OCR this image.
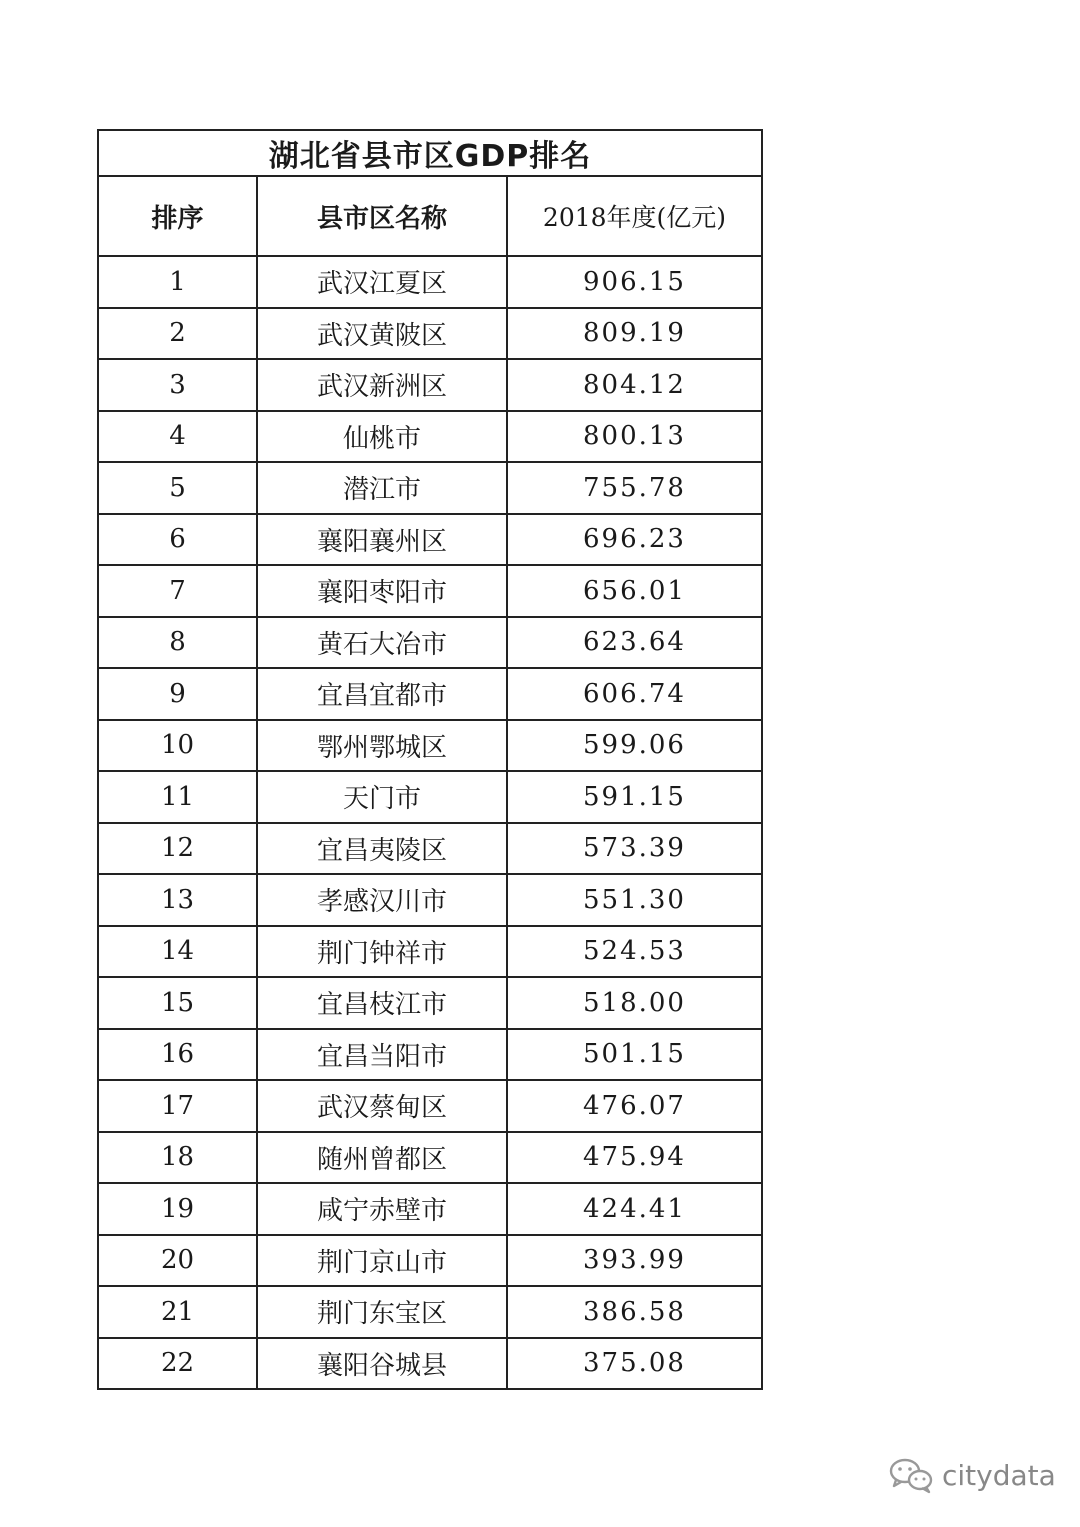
湖北省县市区GDP排名		
排序	县市区名称	2018年度(亿元)
1	武汉江夏区	906.15
2	武汉黄陂区	809.19
3	武汉新洲区	804.12
4	仙桃市	800.13
5	潜江市	755.78
6	襄阳襄州区	696.23
7	襄阳枣阳市	656.01
8	黄石大冶市	623.64
9	宜昌宜都市	606.74
10	鄂州鄂城区	599.06
11	天门市	591.15
12	宜昌夷陵区	573.39
13	孝感汉川市	551.30
14	荆门钟祥市	524.53
15	宜昌枝江市	518.00
16	宜昌当阳市	501.15
17	武汉蔡甸区	476.07
18	随州曾都区	475.94
19	咸宁赤壁市	424.41
20	荆门京山市	393.99
21	荆门东宝区	386.58
22	襄阳谷城县	375.08
citydata
